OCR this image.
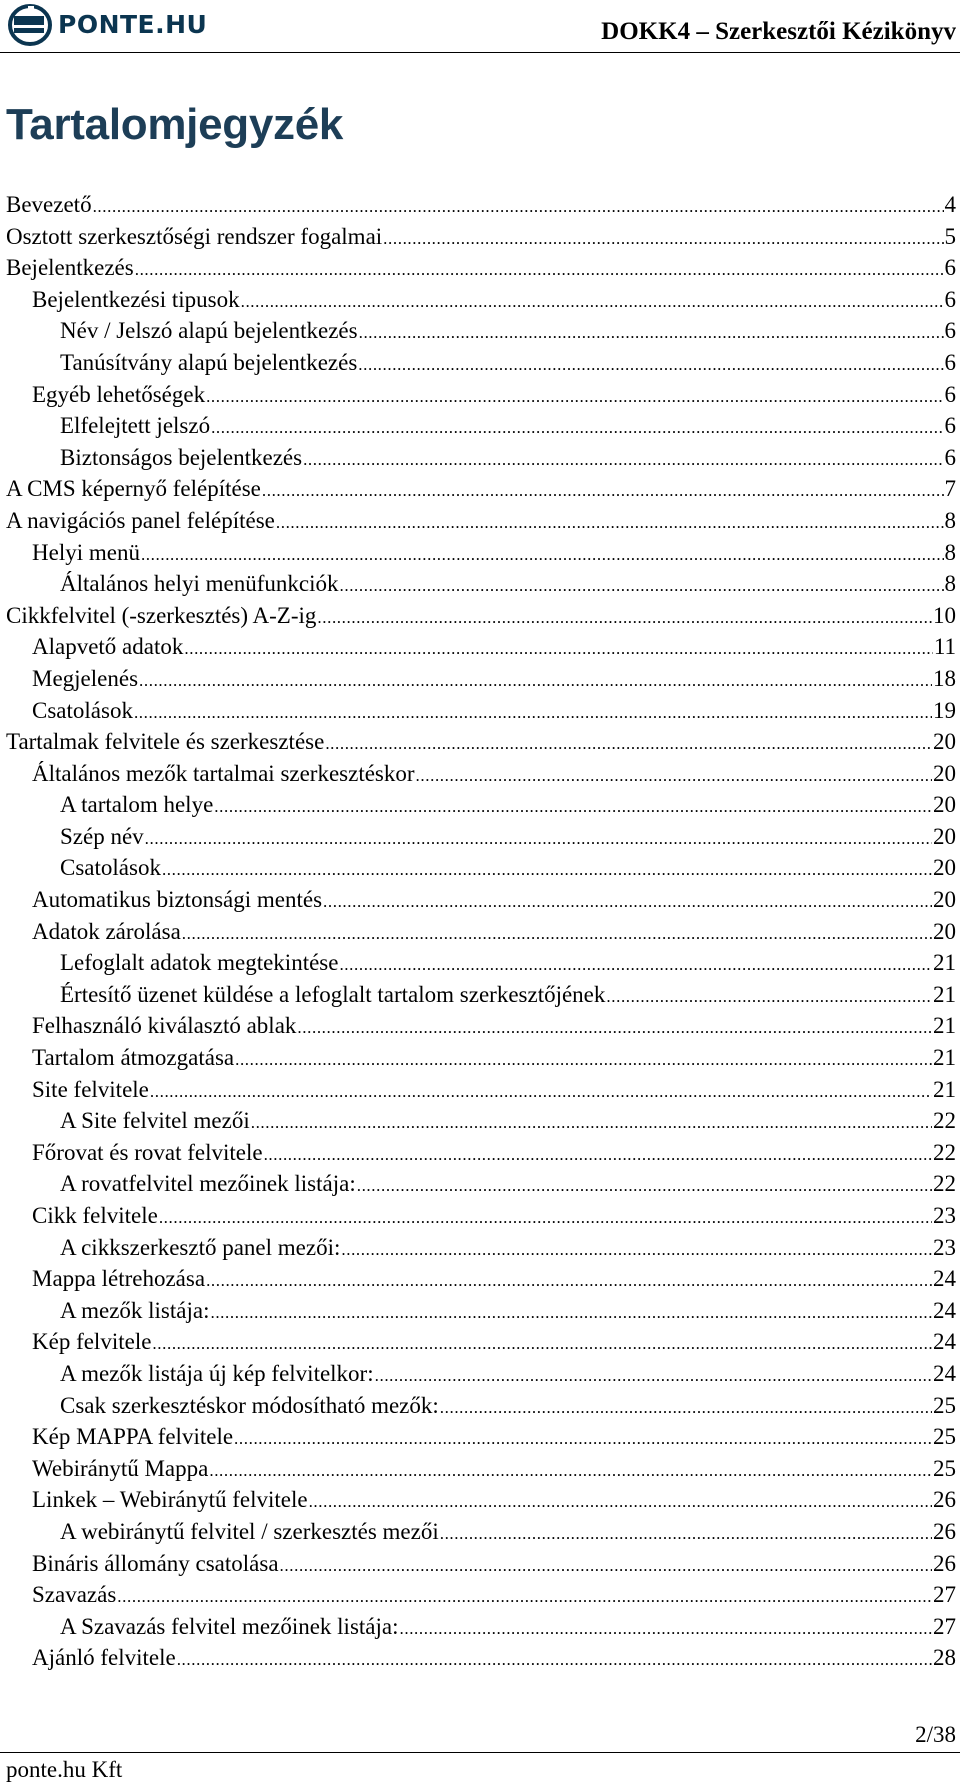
PONTE.HU	DOKK4 – Szerkesztői Kézikönyv
Tartalomjegyzék
Bevezető .....	4
Osztott szerkesztőségi rendszer fogalmai .....	5
Bejelentkezés .....	6
Bejelentkezési tipusok .....	6
Név / Jelszó alapú bejelentkezés .....	6
Tanúsítvány alapú bejelentkezés .....	6
Egyéb lehetőségek .....	6
Elfelejtett jelszó .....	6
Biztonságos bejelentkezés .....	6
A CMS képernyő felépítése .....	7
A navigációs panel felépítése .....	8
Helyi menü .....	8
Általános helyi menüfunkciók .....	8
Cikkfelvitel (-szerkesztés) A-Z-ig .....	10
Alapvető adatok .....	11
Megjelenés .....	18
Csatolások .....	19
Tartalmak felvitele és szerkesztése .....	20
Általános mezők tartalmai szerkesztéskor .....	20
A tartalom helye .....	20
Szép név .....	20
Csatolások .....	20
Automatikus biztonsági mentés .....	20
Adatok zárolása .....	20
Lefoglalt adatok megtekintése .....	21
Értesítő üzenet küldése a lefoglalt tartalom szerkesztőjének .....	21
Felhasználó kiválasztó ablak .....	21
Tartalom átmozgatása .....	21
Site felvitele .....	21
A Site felvitel mezői .....	22
Főrovat és rovat felvitele .....	22
A rovatfelvitel mezőinek listája: .....	22
Cikk felvitele .....	23
A cikkszerkesztő panel mezői: .....	23
Mappa létrehozása .....	24
A mezők listája: .....	24
Kép felvitele .....	24
A mezők listája új kép felvitelkor: .....	24
Csak szerkesztéskor módosítható mezők: .....	25
Kép MAPPA felvitele .....	25
Webiránytű Mappa .....	25
Linkek – Webiránytű felvitele .....	26
A webiránytű felvitel / szerkesztés mezői .....	26
Bináris állomány csatolása .....	26
Szavazás .....	27
A Szavazás felvitel mezőinek listája: .....	27
Ajánló felvitele .....	28
2/38
ponte.hu Kft
